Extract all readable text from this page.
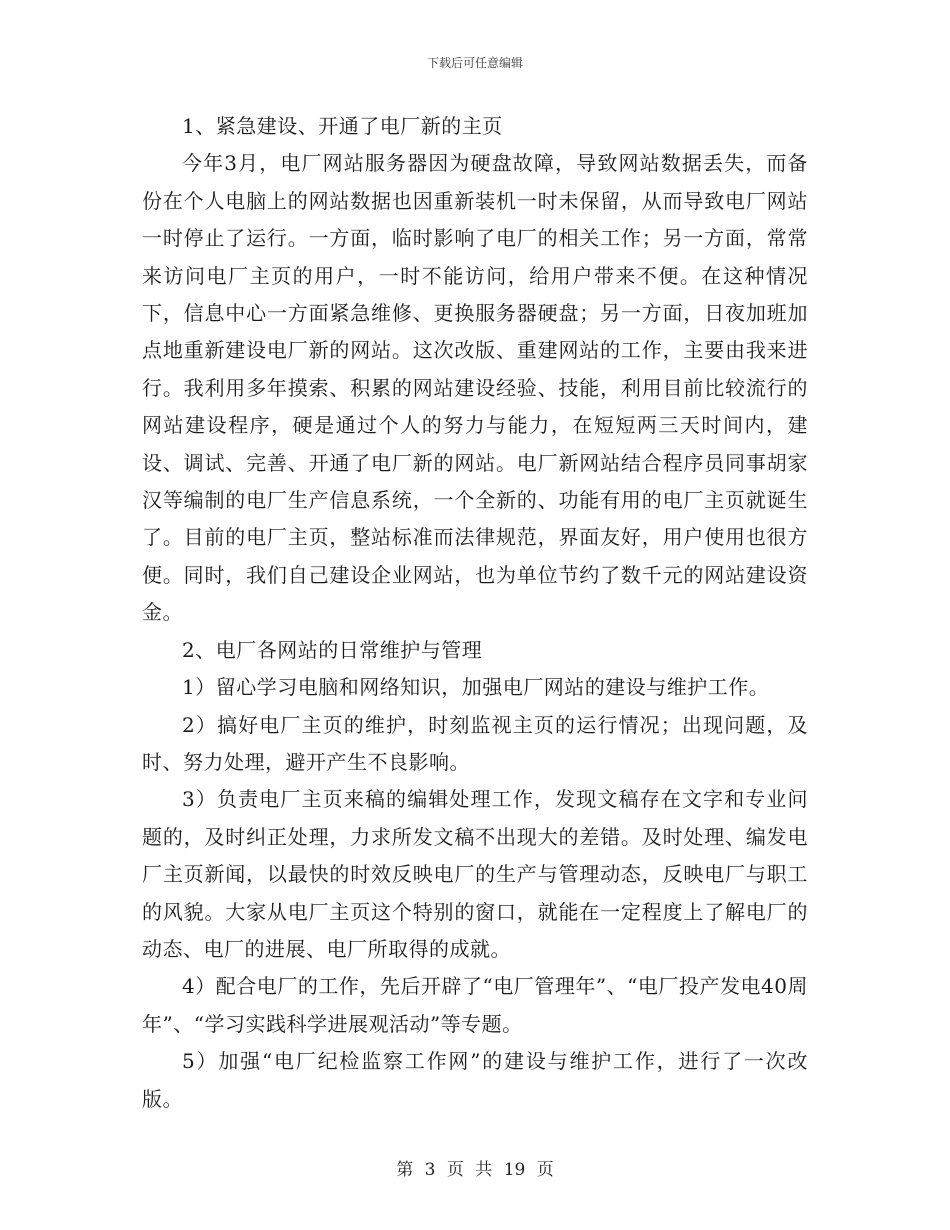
下载后可任意编辑

1、紧急建设、开通了电厂新的主页

今年3月，电厂网站服务器因为硬盘故障，导致网站数据丢失，而备份在个人电脑上的网站数据也因重新装机一时未保留，从而导致电厂网站一时停止了运行。一方面，临时影响了电厂的相关工作；另一方面，常常来访问电厂主页的用户，一时不能访问，给用户带来不便。在这种情况下，信息中心一方面紧急维修、更换服务器硬盘；另一方面，日夜加班加点地重新建设电厂新的网站。这次改版、重建网站的工作，主要由我来进行。我利用多年摸索、积累的网站建设经验、技能，利用目前比较流行的网站建设程序，硬是通过个人的努力与能力，在短短两三天时间内，建设、调试、完善、开通了电厂新的网站。电厂新网站结合程序员同事胡家汉等编制的电厂生产信息系统，一个全新的、功能有用的电厂主页就诞生了。目前的电厂主页，整站标准而法律规范，界面友好，用户使用也很方便。同时，我们自己建设企业网站，也为单位节约了数千元的网站建设资金。

2、电厂各网站的日常维护与管理

1）留心学习电脑和网络知识，加强电厂网站的建设与维护工作。

2）搞好电厂主页的维护，时刻监视主页的运行情况；出现问题，及时、努力处理，避开产生不良影响。

3）负责电厂主页来稿的编辑处理工作，发现文稿存在文字和专业问题的，及时纠正处理，力求所发文稿不出现大的差错。及时处理、编发电厂主页新闻，以最快的时效反映电厂的生产与管理动态，反映电厂与职工的风貌。大家从电厂主页这个特别的窗口，就能在一定程度上了解电厂的动态、电厂的进展、电厂所取得的成就。

4）配合电厂的工作，先后开辟了“电厂管理年”、“电厂投产发电40周年”、“学习实践科学进展观活动”等专题。

5）加强“电厂纪检监察工作网”的建设与维护工作，进行了一次改版。

第 3 页 共 19 页
